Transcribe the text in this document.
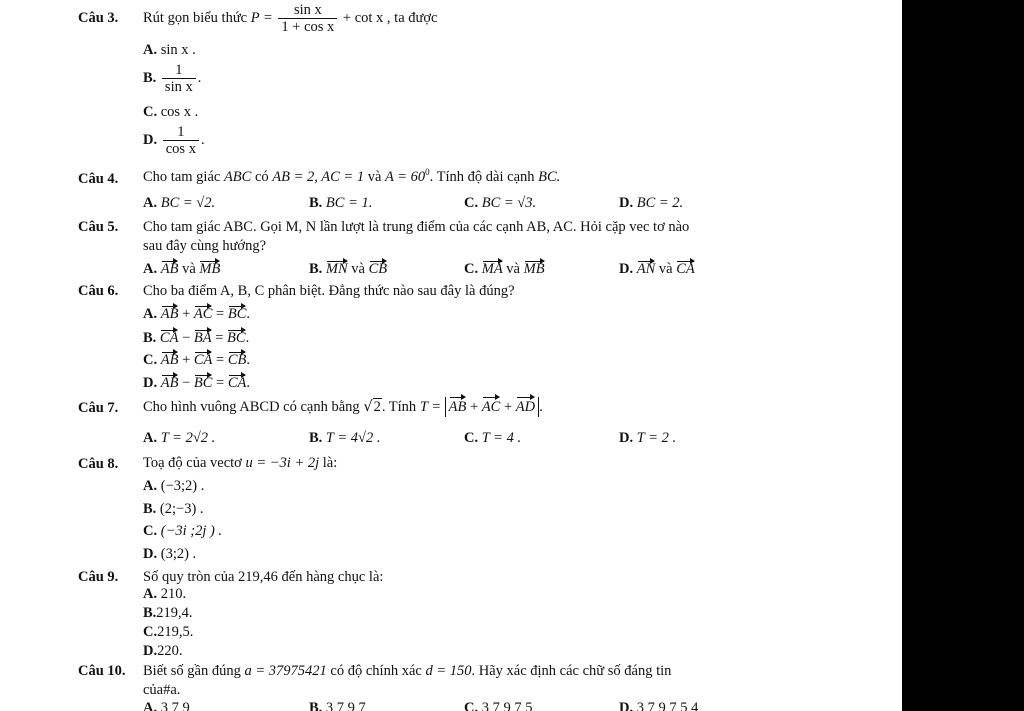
Câu 3. Rút gọn biểu thức $P = \frac{\text{sin x}}{\text{1 + cos x}} + \cot x$ , ta được
A. sin x .
B. $\frac{1}{\text{sin x}}$ .
C. cos x .
D. $\frac{1}{\text{cos x}}$ .
Câu 4. Cho tam giác ABC có AB = 2, AC = 1 và $A = 60^0$. Tính độ dài cạnh BC.
A. BC = √2.	B. BC = 1.	C. BC = √3.	D. BC = 2.
Câu 5. Cho tam giác ABC. Gọi M, N lần lượt là trung điểm của các cạnh AB, AC. Hỏi cặp vec tơ nào
sau đây cùng hướng?
A. AB và MB	B. MN và CB	C. MA và MB	D. AN và CA
Câu 6. Cho ba điểm A, B, C phân biệt. Đẳng thức nào sau đây là đúng?
A. AB + AC = BC.
B. CA − BA = BC.
C. AB + CA = CB.
D. AB − BC = CA.
Câu 7. Cho hình vuông ABCD có cạnh bằng √2. Tính T = AB + AC + AD .
A. T = 2√2 .	B. T = 4√2 .	C. T = 4 .	D. T = 2 .
Câu 8. Toạ độ của vectơ u = −3i + 2j là:
A. (−3;2) .
B. (2;−3) .
C. (−3i ;2j ) .
D. (3;2) .
Câu 9. Số quy tròn của 219,46 đến hàng chục là:
A. 210.
B.219,4.
C.219,5.
D.220.
Câu 10. Biết số gần đúng a = 37975421 có độ chính xác d = 150. Hãy xác định các chữ số đáng tin
của#a.
A. 3 7 9	B. 3 7 9 7	C. 3 7 9 7 5	D. 3 7 9 7 5 4
